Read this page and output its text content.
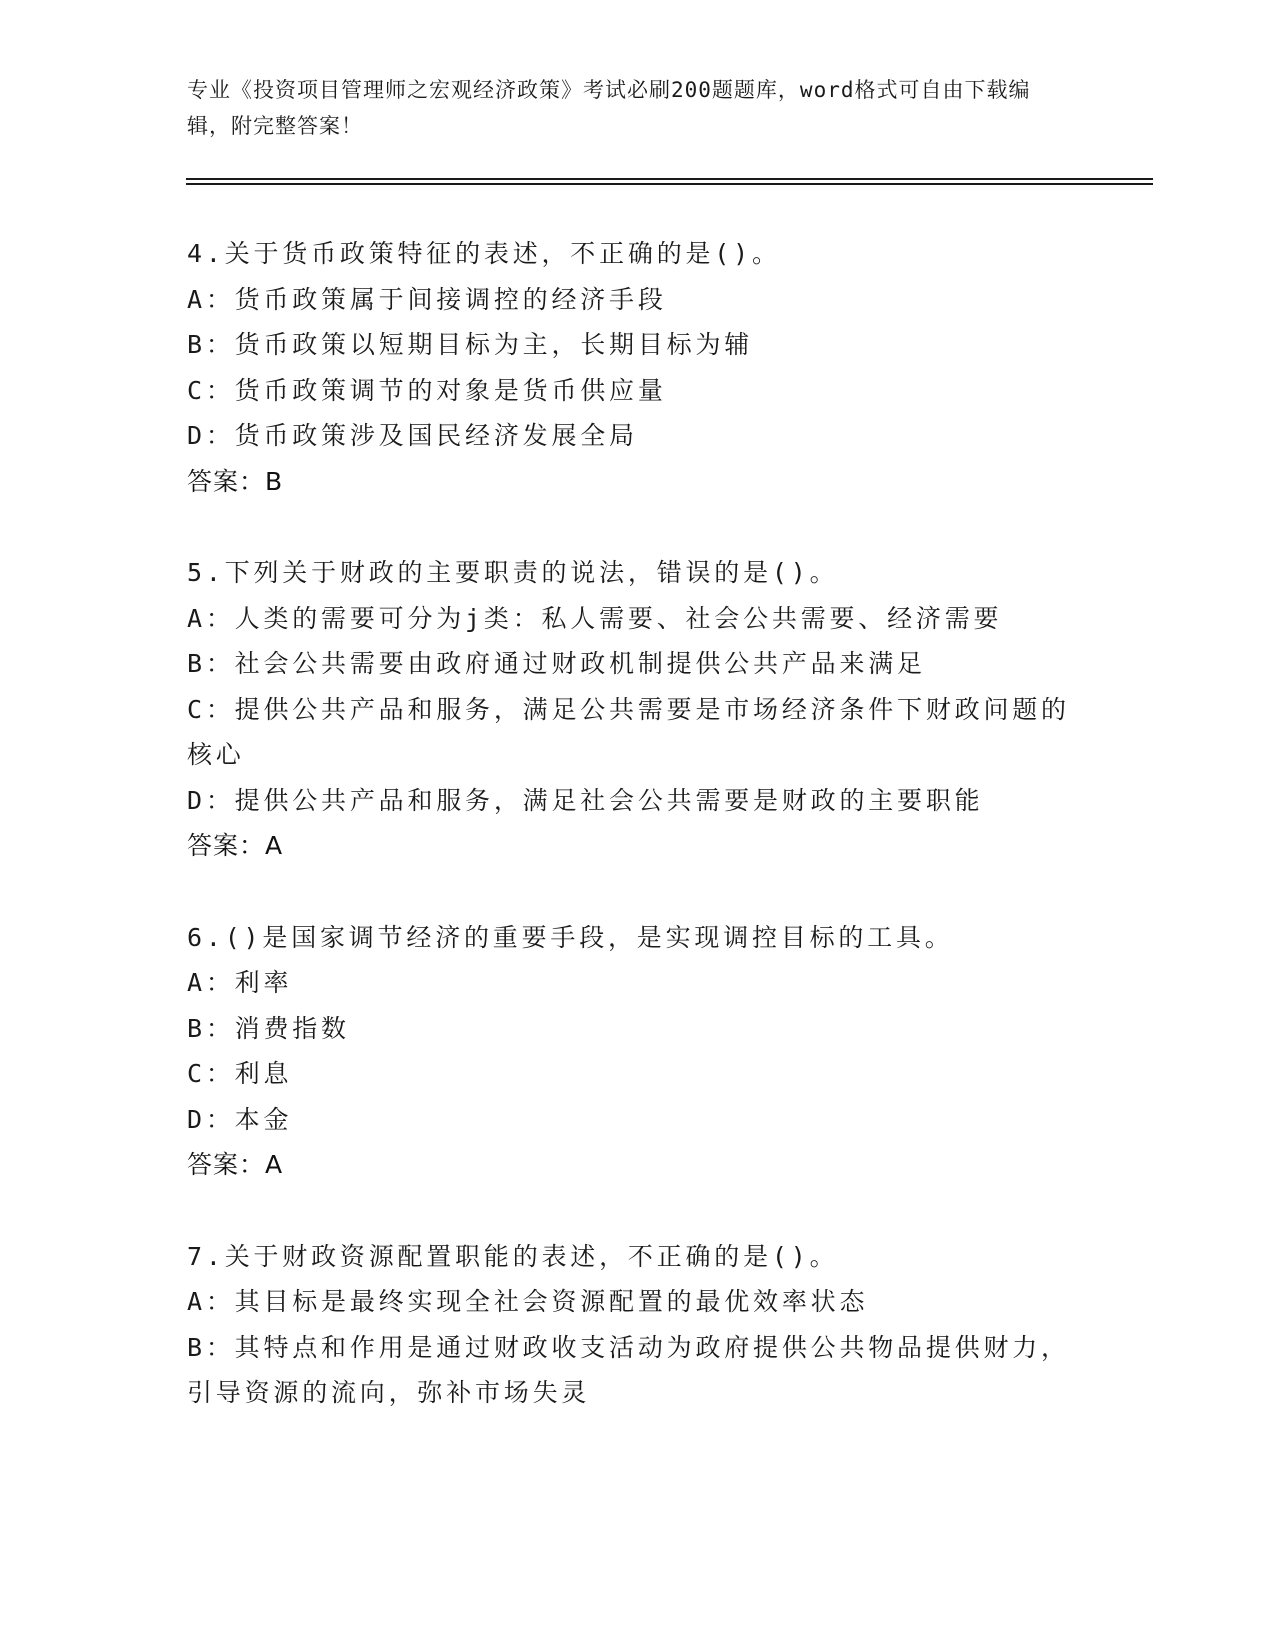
专业《投资项目管理师之宏观经济政策》考试必刷200题题库，word格式可自由下载编辑，附完整答案！
4.关于货币政策特征的表述，不正确的是()。
A：货币政策属于间接调控的经济手段
B：货币政策以短期目标为主，长期目标为辅
C：货币政策调节的对象是货币供应量
D：货币政策涉及国民经济发展全局
答案：B
5.下列关于财政的主要职责的说法，错误的是()。
A：人类的需要可分为j类：私人需要、社会公共需要、经济需要
B：社会公共需要由政府通过财政机制提供公共产品来满足
C：提供公共产品和服务，满足公共需要是市场经济条件下财政问题的核心
D：提供公共产品和服务，满足社会公共需要是财政的主要职能
答案：A
6.()是国家调节经济的重要手段，是实现调控目标的工具。
A：利率
B：消费指数
C：利息
D：本金
答案：A
7.关于财政资源配置职能的表述，不正确的是()。
A：其目标是最终实现全社会资源配置的最优效率状态
B：其特点和作用是通过财政收支活动为政府提供公共物品提供财力，引导资源的流向，弥补市场失灵
